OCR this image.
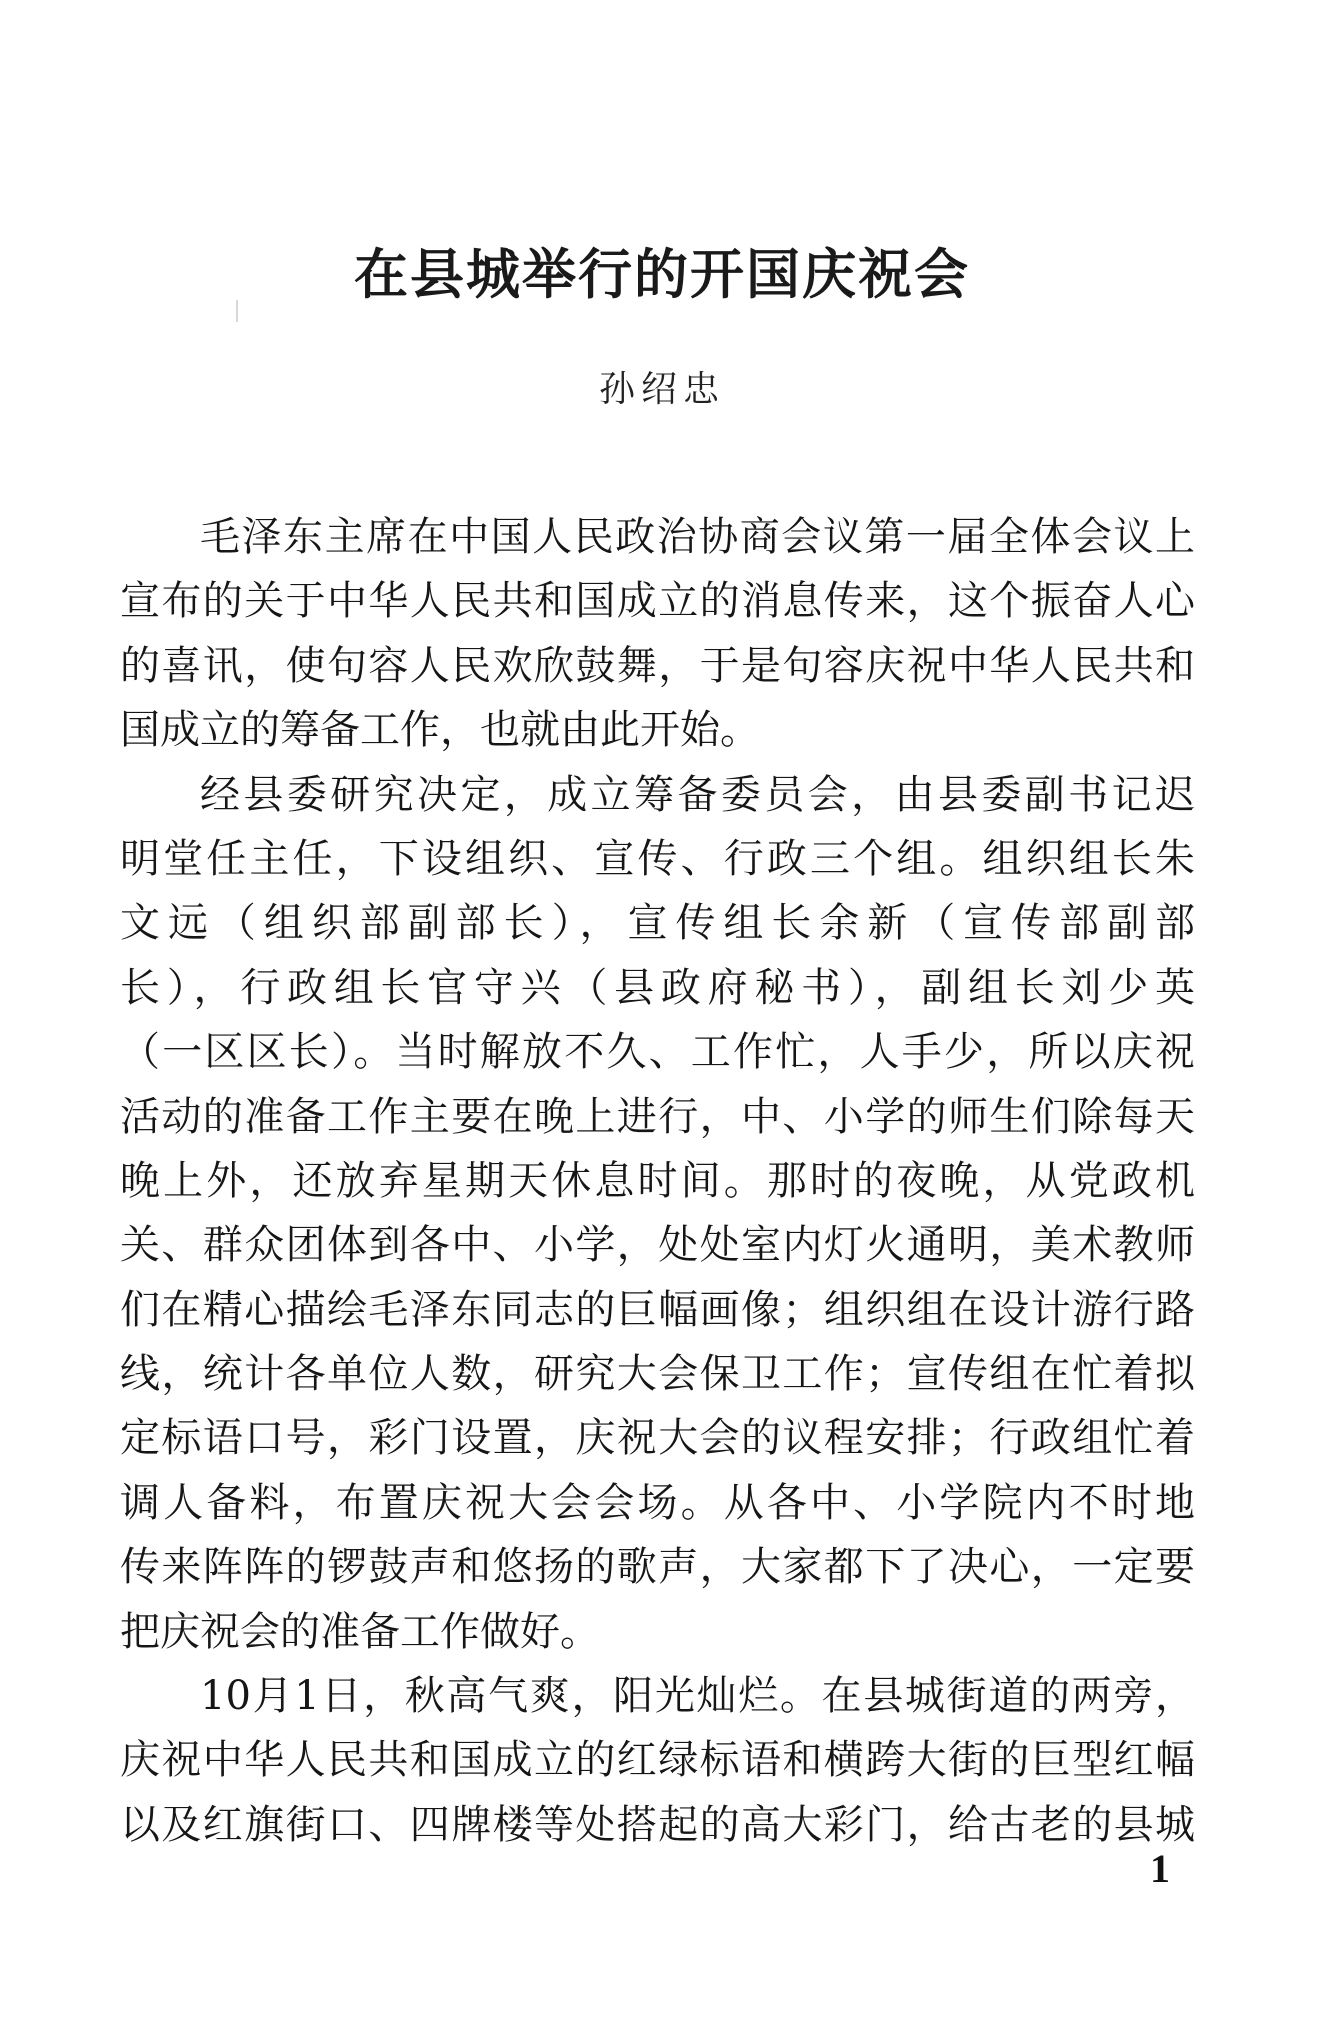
在县城举行的开国庆祝会
孙绍忠
毛泽东主席在中国人民政治协商会议第一届全体会议上
宣布的关于中华人民共和国成立的消息传来，这个振奋人心
的喜讯，使句容人民欢欣鼓舞，于是句容庆祝中华人民共和
国成立的筹备工作，也就由此开始。
经县委研究决定，成立筹备委员会，由县委副书记迟
明堂任主任，下设组织、宣传、行政三个组。组织组长朱
文远（组织部副部长），宣传组长余新（宣传部副部
长），行政组长官守兴（县政府秘书），副组长刘少英
（一区区长）。当时解放不久、工作忙，人手少，所以庆祝
活动的准备工作主要在晚上进行，中、小学的师生们除每天
晚上外，还放弃星期天休息时间。那时的夜晚，从党政机
关、群众团体到各中、小学，处处室内灯火通明，美术教师
们在精心描绘毛泽东同志的巨幅画像；组织组在设计游行路
线，统计各单位人数，研究大会保卫工作；宣传组在忙着拟
定标语口号，彩门设置，庆祝大会的议程安排；行政组忙着
调人备料，布置庆祝大会会场。从各中、小学院内不时地
传来阵阵的锣鼓声和悠扬的歌声，大家都下了决心，一定要
把庆祝会的准备工作做好。
10月1日，秋高气爽，阳光灿烂。在县城街道的两旁，
庆祝中华人民共和国成立的红绿标语和横跨大街的巨型红幅
以及红旗街口、四牌楼等处搭起的高大彩门，给古老的县城
1
